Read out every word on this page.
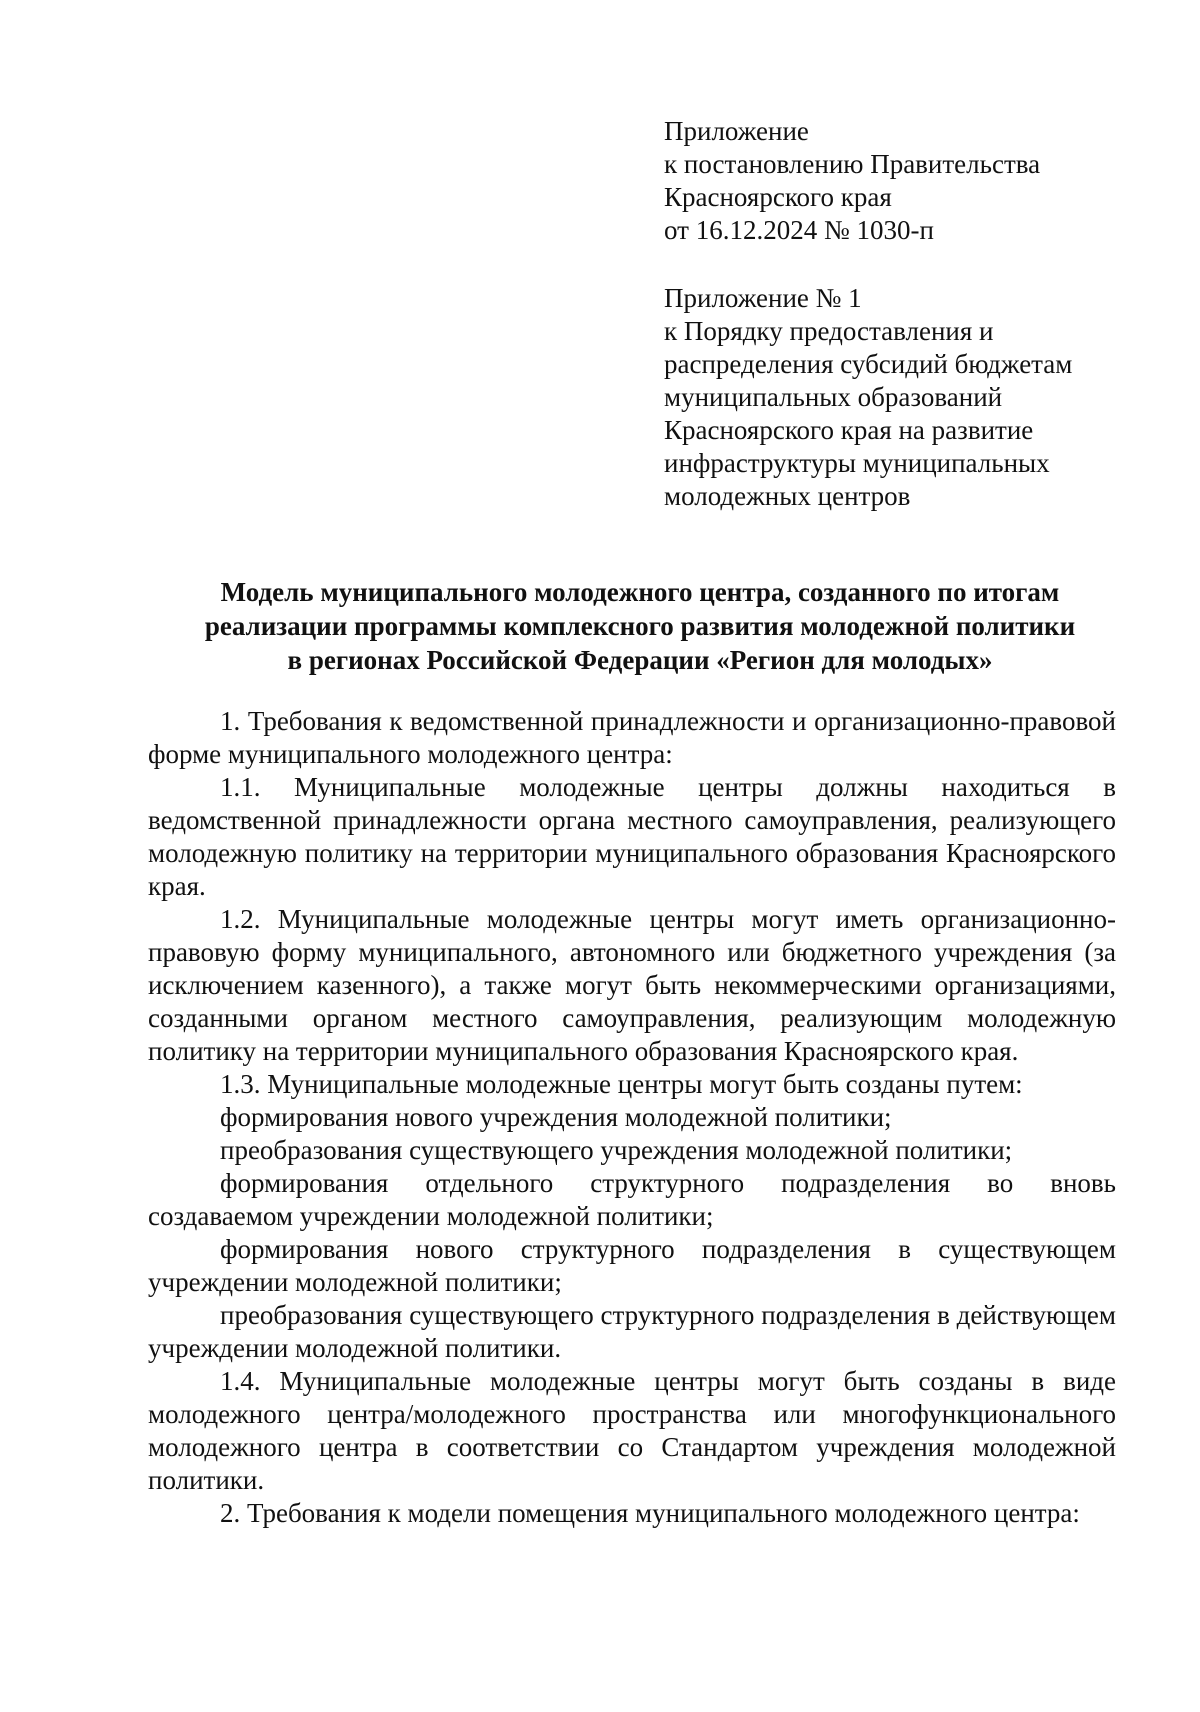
Приложение
к постановлению Правительства
Красноярского края
от 16.12.2024 № 1030-п
Приложение № 1
к Порядку предоставления и
распределения субсидий бюджетам
муниципальных образований
Красноярского края на развитие
инфраструктуры муниципальных
молодежных центров
Модель муниципального молодежного центра, созданного по итогам
реализации программы комплексного развития молодежной политики
в регионах Российской Федерации «Регион для молодых»

1. Требования к ведомственной принадлежности и организационно-правовой форме муниципального молодежного центра:

1.1. Муниципальные молодежные центры должны находиться в ведомственной принадлежности органа местного самоуправления, реализующего молодежную политику на территории муниципального образования Красноярского края.

1.2. Муниципальные молодежные центры могут иметь организационно-правовую форму муниципального, автономного или бюджетного учреждения (за исключением казенного), а также могут быть некоммерческими организациями, созданными органом местного самоуправления, реализующим молодежную политику на территории муниципального образования Красноярского края.

1.3. Муниципальные молодежные центры могут быть созданы путем:

формирования нового учреждения молодежной политики;

преобразования существующего учреждения молодежной политики;

формирования отдельного структурного подразделения во вновь создаваемом учреждении молодежной политики;

формирования нового структурного подразделения в существующем учреждении молодежной политики;

преобразования существующего структурного подразделения в действующем учреждении молодежной политики.

1.4. Муниципальные молодежные центры могут быть созданы в виде молодежного центра/молодежного пространства или многофункционального молодежного центра в соответствии со Стандартом учреждения молодежной политики.

2. Требования к модели помещения муниципального молодежного центра:
